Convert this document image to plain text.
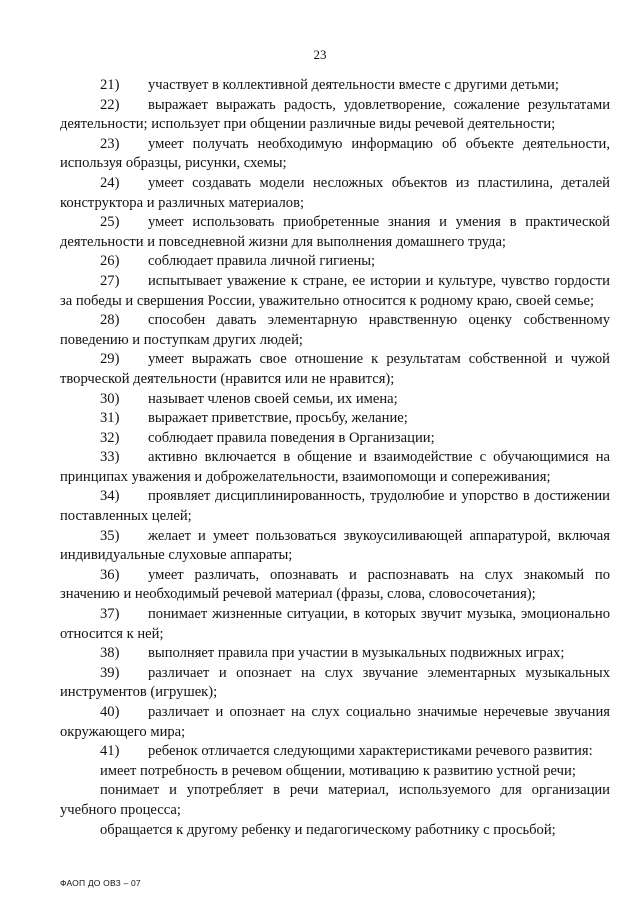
23

21) участвует в коллективной деятельности вместе с другими детьми;

22) выражает выражать радость, удовлетворение, сожаление результатами деятельности; использует при общении различные виды речевой деятельности;

23) умеет получать необходимую информацию об объекте деятельности, используя образцы, рисунки, схемы;

24) умеет создавать модели несложных объектов из пластилина, деталей конструктора и различных материалов;

25) умеет использовать приобретенные знания и умения в практической деятельности и повседневной жизни для выполнения домашнего труда;

26) соблюдает правила личной гигиены;

27) испытывает уважение к стране, ее истории и культуре, чувство гордости за победы и свершения России, уважительно относится к родному краю, своей семье;

28) способен давать элементарную нравственную оценку собственному поведению и поступкам других людей;

29) умеет выражать свое отношение к результатам собственной и чужой творческой деятельности (нравится или не нравится);

30) называет членов своей семьи, их имена;

31) выражает приветствие, просьбу, желание;

32) соблюдает правила поведения в Организации;

33) активно включается в общение и взаимодействие с обучающимися на принципах уважения и доброжелательности, взаимопомощи и сопереживания;

34) проявляет дисциплинированность, трудолюбие и упорство в достижении поставленных целей;

35) желает и умеет пользоваться звукоусиливающей аппаратурой, включая индивидуальные слуховые аппараты;

36) умеет различать, опознавать и распознавать на слух знакомый по значению и необходимый речевой материал (фразы, слова, словосочетания);

37) понимает жизненные ситуации, в которых звучит музыка, эмоционально относится к ней;

38) выполняет правила при участии в музыкальных подвижных играх;

39) различает и опознает на слух звучание элементарных музыкальных инструментов (игрушек);

40) различает и опознает на слух социально значимые неречевые звучания окружающего мира;

41) ребенок отличается следующими характеристиками речевого развития:

имеет потребность в речевом общении, мотивацию к развитию устной речи;

понимает и употребляет в речи материал, используемого для организации учебного процесса;

обращается к другому ребенку и педагогическому работнику с просьбой;

ФАОП ДО ОВЗ – 07
